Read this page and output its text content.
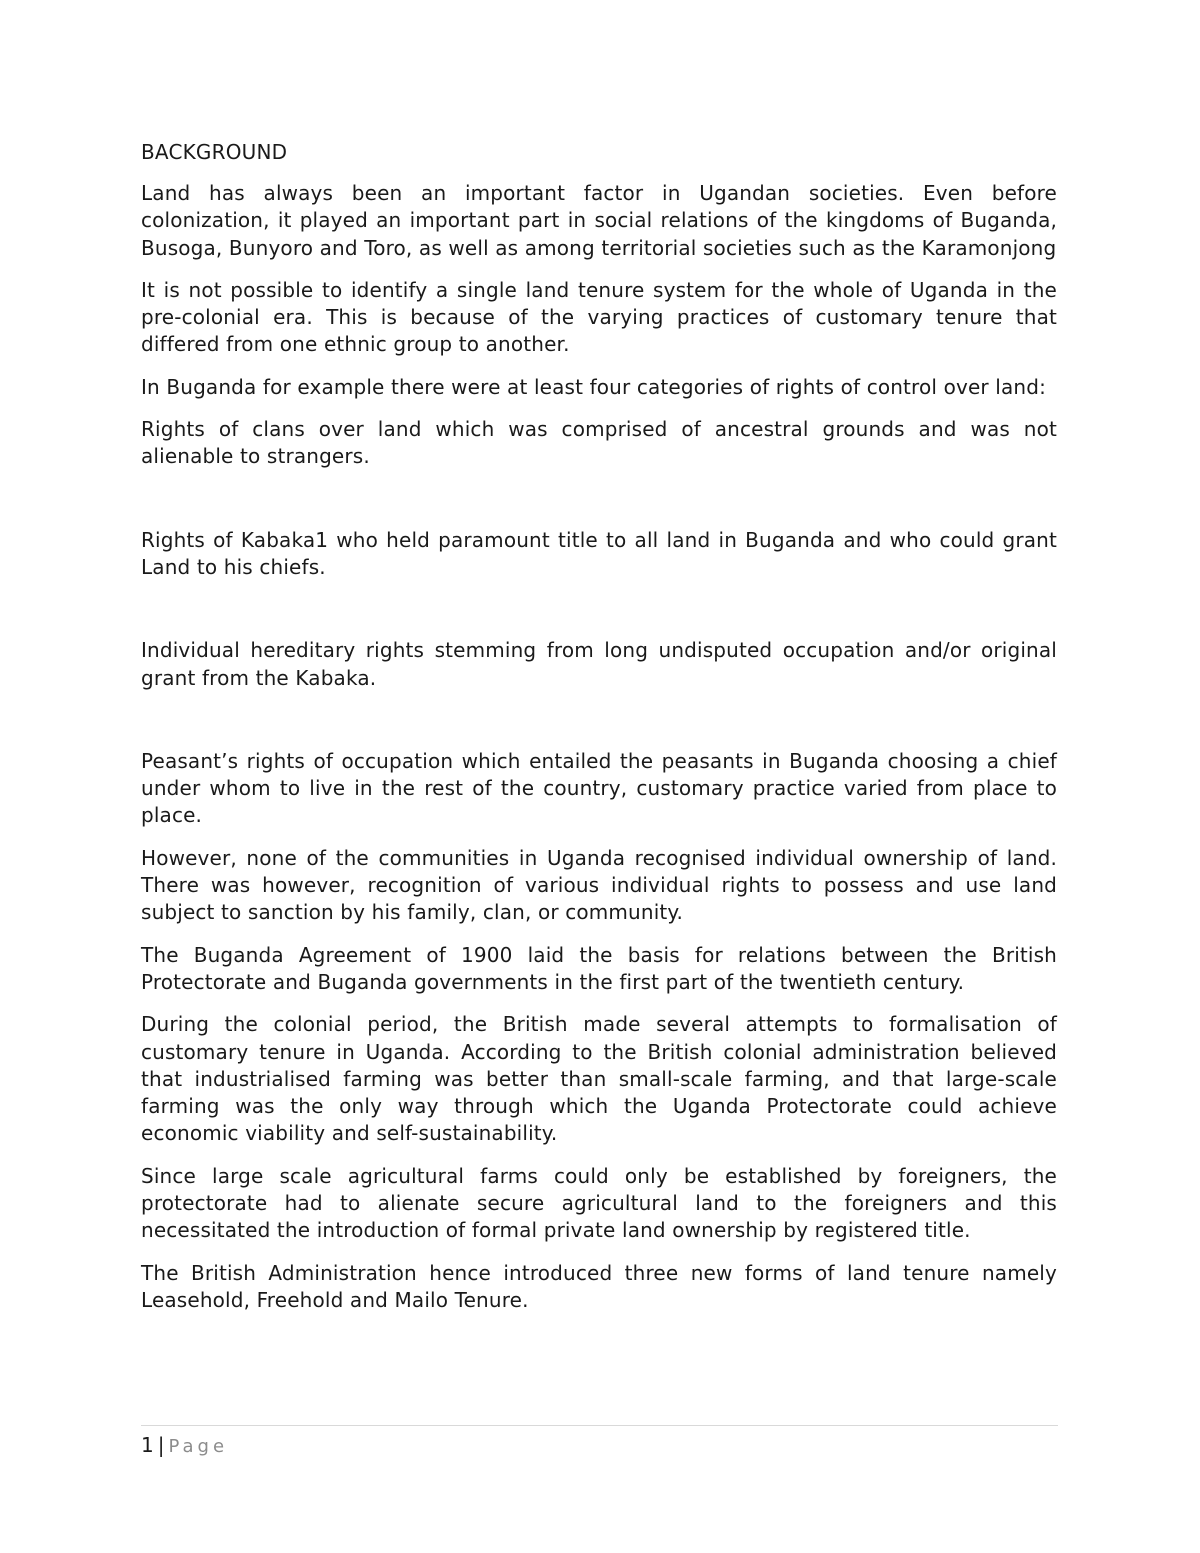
BACKGROUND

Land has always been an important factor in Ugandan societies. Even before colonization, it played an important part in social relations of the kingdoms of Buganda, Busoga, Bunyoro and Toro, as well as among territorial societies such as the Karamonjong

It is not possible to identify a single land tenure system for the whole of Uganda in the pre-colonial era. This is because of the varying practices of customary tenure that differed from one ethnic group to another.

In Buganda for example there were at least four categories of rights of control over land:

Rights of clans over land which was comprised of ancestral grounds and was not alienable to strangers.

Rights of Kabaka1 who held paramount title to all land in Buganda and who could grant Land to his chiefs.

Individual hereditary rights stemming from long undisputed occupation and/or original grant from the Kabaka.

Peasant’s rights of occupation which entailed the peasants in Buganda choosing a chief under whom to live in the rest of the country, customary practice varied from place to place.

However, none of the communities in Uganda recognised individual ownership of land. There was however, recognition of various individual rights to possess and use land subject to sanction by his family, clan, or community.

The Buganda Agreement of 1900 laid the basis for relations between the British Protectorate and Buganda governments in the first part of the twentieth century.

During the colonial period, the British made several attempts to formalisation of customary tenure in Uganda. According to the British colonial administration believed that industrialised farming was better than small-scale farming, and that large-scale farming was the only way through which the Uganda Protectorate could achieve economic viability and self-sustainability.

Since large scale agricultural farms could only be established by foreigners, the protectorate had to alienate secure agricultural land to the foreigners and this necessitated the introduction of formal private land ownership by registered title.

The British Administration hence introduced three new forms of land tenure namely Leasehold, Freehold and Mailo Tenure.

1 | Page
